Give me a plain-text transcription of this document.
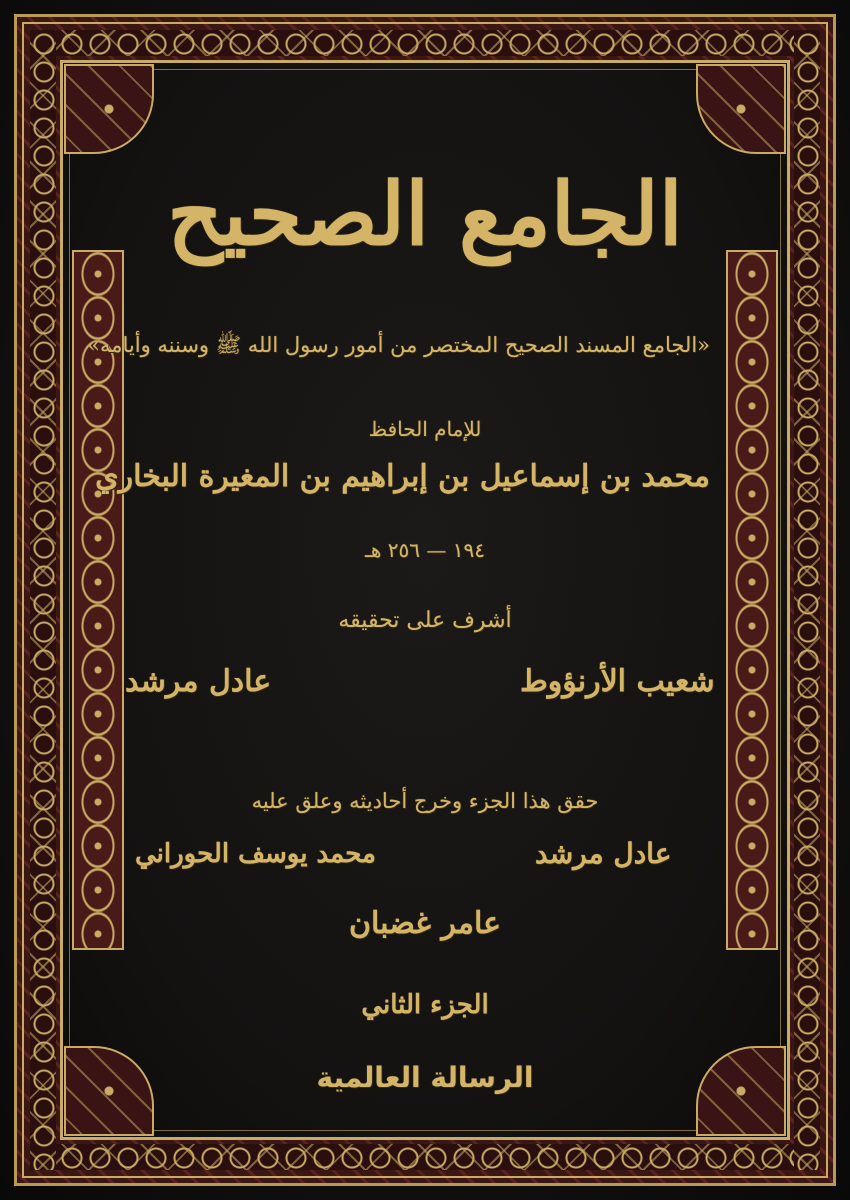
الجامع الصحيح
«الجامع المسند الصحيح المختصر من أمور رسول الله ﷺ وسننه وأيامه»
للإمام الحافظ
محمد بن إسماعيل بن إبراهيم بن المغيرة البخاري
١٩٤ — ٢٥٦ هـ
أشرف على تحقيقه
شعيب الأرنؤوط
عادل مرشد
حقق هذا الجزء وخرج أحاديثه وعلق عليه
عادل مرشد
محمد يوسف الحوراني
عامر غضبان
الجزء الثاني
الرسالة العالمية
